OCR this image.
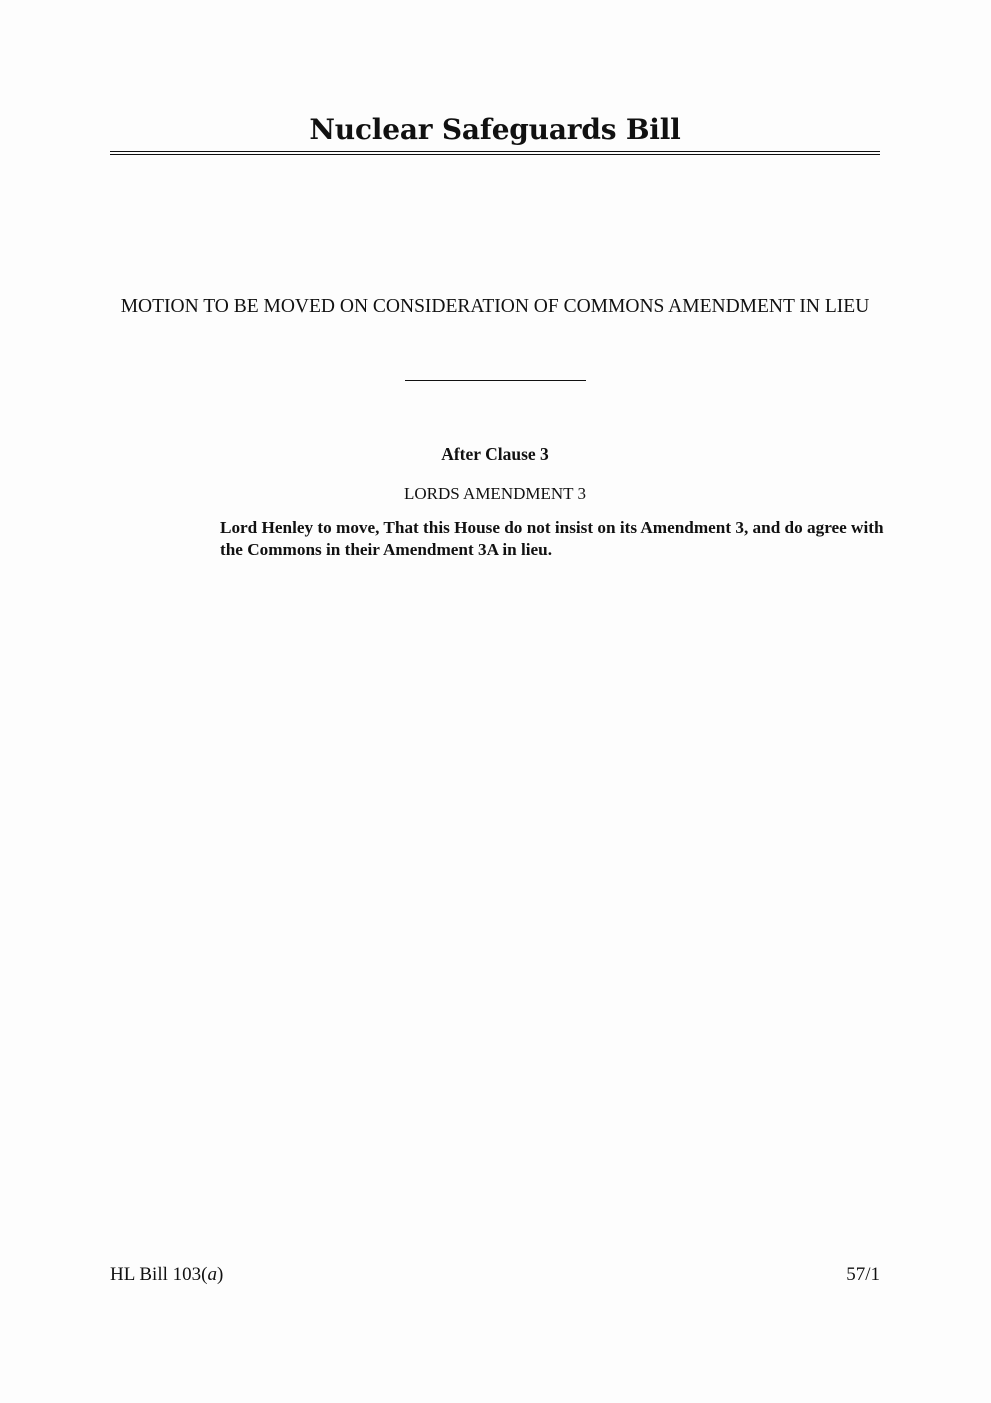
Nuclear Safeguards Bill

MOTION TO BE MOVED ON CONSIDERATION OF COMMONS AMENDMENT IN LIEU

After Clause 3

LORDS AMENDMENT 3

Lord Henley to move, That this House do not insist on its Amendment 3, and do agree with the Commons in their Amendment 3A in lieu.

HL Bill 103(a)	57/1
